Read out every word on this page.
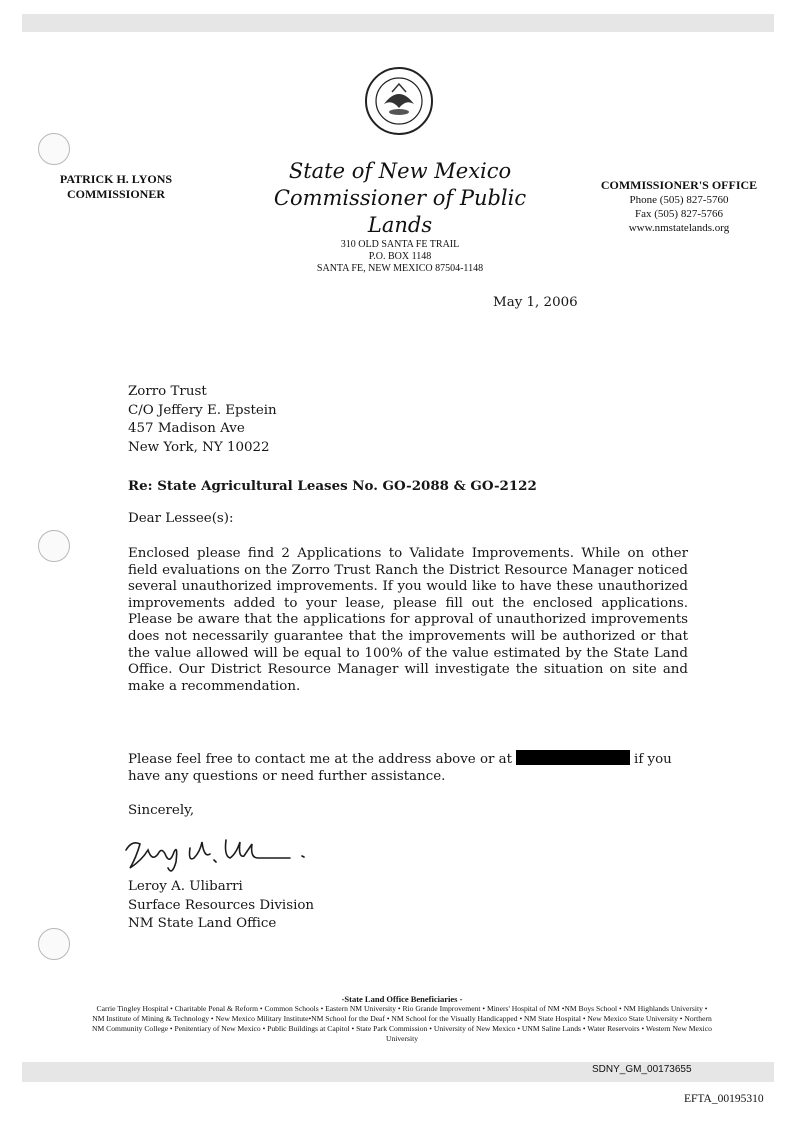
PATRICK H. LYONS
COMMISSIONER
State of New Mexico
Commissioner of Public Lands
310 OLD SANTA FE TRAIL
P.O. BOX 1148
SANTA FE, NEW MEXICO 87504-1148
COMMISSIONER'S OFFICE
Phone (505) 827-5760
Fax (505) 827-5766
www.nmstatelands.org
May 1, 2006
Zorro Trust
C/O Jeffery E. Epstein
457 Madison Ave
New York, NY 10022
Re: State Agricultural Leases No. GO-2088 & GO-2122
Dear Lessee(s):
Enclosed please find 2 Applications to Validate Improvements. While on other field evaluations on the Zorro Trust Ranch the District Resource Manager noticed several unauthorized improvements. If you would like to have these unauthorized improvements added to your lease, please fill out the enclosed applications. Please be aware that the applications for approval of unauthorized improvements does not necessarily guarantee that the improvements will be authorized or that the value allowed will be equal to 100% of the value estimated by the State Land Office. Our District Resource Manager will investigate the situation on site and make a recommendation.
Please feel free to contact me at the address above or at	if you have any questions or need further assistance.
Sincerely,
Leroy A. Ulibarri
Surface Resources Division
NM State Land Office
-State Land Office Beneficiaries -
Carrie Tingley Hospital • Charitable Penal & Reform • Common Schools • Eastern NM University • Rio Grande Improvement • Miners' Hospital of NM •NM Boys School • NM Highlands University • NM Institute of Mining & Technology • New Mexico Military Institute•NM School for the Deaf • NM School for the Visually Handicapped • NM State Hospital • New Mexico State University • Northern NM Community College • Penitentiary of New Mexico • Public Buildings at Capitol • State Park Commission • University of New Mexico • UNM Saline Lands • Water Reservoirs • Western New Mexico University
SDNY_GM_00173655
EFTA_00195310
